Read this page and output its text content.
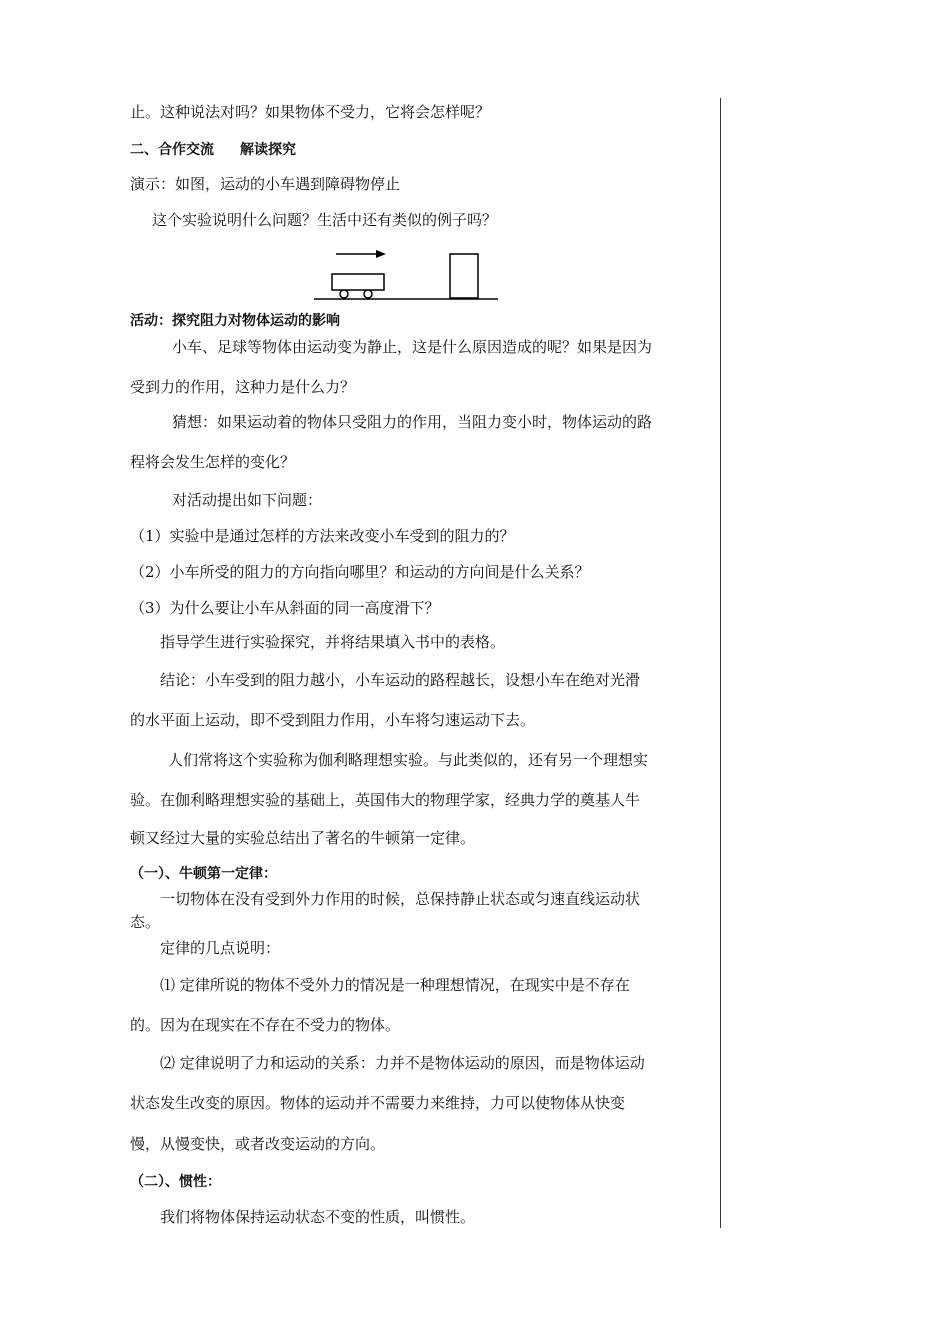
止。这种说法对吗？如果物体不受力，它将会怎样呢？
二、合作交流 解读探究
演示：如图，运动的小车遇到障碍物停止
这个实验说明什么问题？生活中还有类似的例子吗？
活动：探究阻力对物体运动的影响
小车、足球等物体由运动变为静止，这是什么原因造成的呢？如果是因为
受到力的作用，这种力是什么力？
猜想：如果运动着的物体只受阻力的作用，当阻力变小时，物体运动的路
程将会发生怎样的变化？
对活动提出如下问题：
（1）实验中是通过怎样的方法来改变小车受到的阻力的？
（2）小车所受的阻力的方向指向哪里？和运动的方向间是什么关系？
（3）为什么要让小车从斜面的同一高度滑下？
指导学生进行实验探究，并将结果填入书中的表格。
结论：小车受到的阻力越小，小车运动的路程越长，设想小车在绝对光滑
的水平面上运动，即不受到阻力作用，小车将匀速运动下去。
人们常将这个实验称为伽利略理想实验。与此类似的，还有另一个理想实
验。在伽利略理想实验的基础上，英国伟大的物理学家，经典力学的奠基人牛
顿又经过大量的实验总结出了著名的牛顿第一定律。
（一）、牛顿第一定律：
一切物体在没有受到外力作用的时候，总保持静止状态或匀速直线运动状
态。
定律的几点说明：
⑴ 定律所说的物体不受外力的情况是一种理想情况，在现实中是不存在
的。因为在现实在不存在不受力的物体。
⑵ 定律说明了力和运动的关系：力并不是物体运动的原因，而是物体运动
状态发生改变的原因。物体的运动并不需要力来维持，力可以使物体从快变
慢，从慢变快，或者改变运动的方向。
（二）、惯性：
我们将物体保持运动状态不变的性质，叫惯性。
